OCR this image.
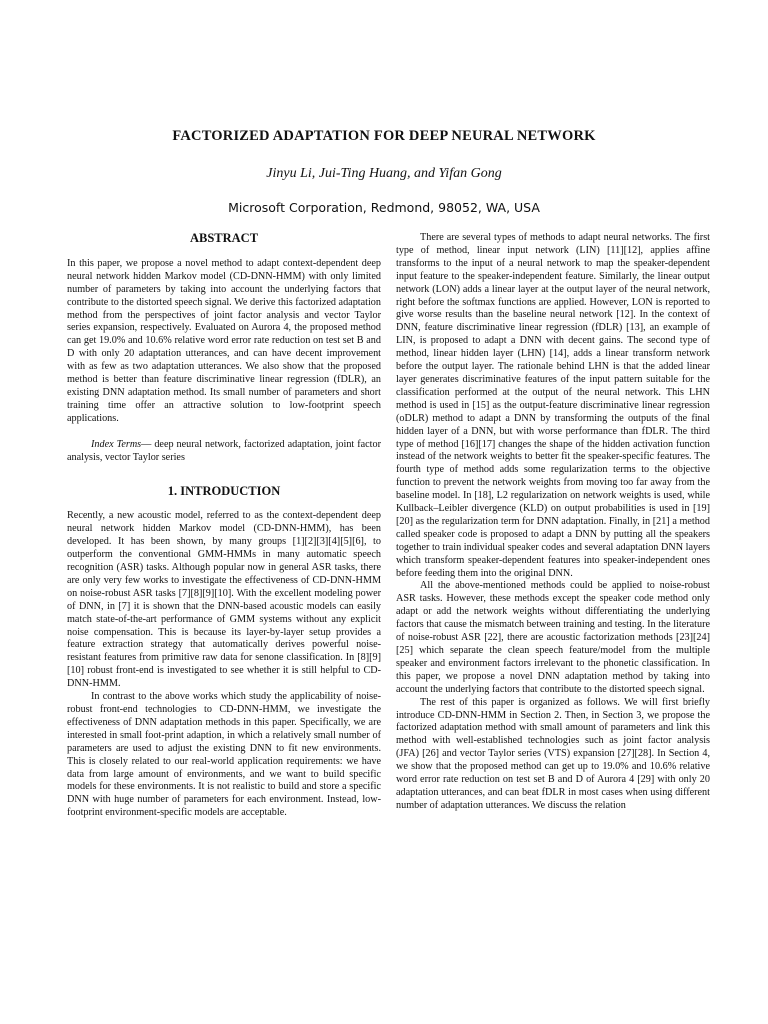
FACTORIZED ADAPTATION FOR DEEP NEURAL NETWORK
Jinyu Li, Jui-Ting Huang, and Yifan Gong
Microsoft Corporation, Redmond, 98052, WA, USA
ABSTRACT

In this paper, we propose a novel method to adapt context-dependent deep neural network hidden Markov model (CD-DNN-HMM) with only limited number of parameters by taking into account the underlying factors that contribute to the distorted speech signal. We derive this factorized adaptation method from the perspectives of joint factor analysis and vector Taylor series expansion, respectively. Evaluated on Aurora 4, the proposed method can get 19.0% and 10.6% relative word error rate reduction on test set B and D with only 20 adaptation utterances, and can have decent improvement with as few as two adaptation utterances. We also show that the proposed method is better than feature discriminative linear regression (fDLR), an existing DNN adaptation method. Its small number of parameters and short training time offer an attractive solution to low-footprint speech applications.

Index Terms— deep neural network, factorized adaptation, joint factor analysis, vector Taylor series

1. INTRODUCTION

Recently, a new acoustic model, referred to as the context-dependent deep neural network hidden Markov model (CD-DNN-HMM), has been developed. It has been shown, by many groups [1][2][3][4][5][6], to outperform the conventional GMM-HMMs in many automatic speech recognition (ASR) tasks. Although popular now in general ASR tasks, there are only very few works to investigate the effectiveness of CD-DNN-HMM on noise-robust ASR tasks [7][8][9][10]. With the excellent modeling power of DNN, in [7] it is shown that the DNN-based acoustic models can easily match state-of-the-art performance of GMM systems without any explicit noise compensation. This is because its layer-by-layer setup provides a feature extraction strategy that automatically derives powerful noise-resistant features from primitive raw data for senone classification. In [8][9][10] robust front-end is investigated to see whether it is still helpful to CD-DNN-HMM.

In contrast to the above works which study the applicability of noise-robust front-end technologies to CD-DNN-HMM, we investigate the effectiveness of DNN adaptation methods in this paper. Specifically, we are interested in small foot-print adaption, in which a relatively small number of parameters are used to adjust the existing DNN to fit new environments. This is closely related to our real-world application requirements: we have data from large amount of environments, and we want to build specific models for these environments. It is not realistic to build and store a specific DNN with huge number of parameters for each environment. Instead, low-footprint environment-specific models are acceptable.

There are several types of methods to adapt neural networks. The first type of method, linear input network (LIN) [11][12], applies affine transforms to the input of a neural network to map the speaker-dependent input feature to the speaker-independent feature. Similarly, the linear output network (LON) adds a linear layer at the output layer of the neural network, right before the softmax functions are applied. However, LON is reported to give worse results than the baseline neural network [12]. In the context of DNN, feature discriminative linear regression (fDLR) [13], an example of LIN, is proposed to adapt a DNN with decent gains. The second type of method, linear hidden layer (LHN) [14], adds a linear transform network before the output layer. The rationale behind LHN is that the added linear layer generates discriminative features of the input pattern suitable for the classification performed at the output of the neural network. This LHN method is used in [15] as the output-feature discriminative linear regression (oDLR) method to adapt a DNN by transforming the outputs of the final hidden layer of a DNN, but with worse performance than fDLR. The third type of method [16][17] changes the shape of the hidden activation function instead of the network weights to better fit the speaker-specific features. The fourth type of method adds some regularization terms to the objective function to prevent the network weights from moving too far away from the baseline model. In [18], L2 regularization on network weights is used, while Kullback–Leibler divergence (KLD) on output probabilities is used in [19][20] as the regularization term for DNN adaptation. Finally, in [21] a method called speaker code is proposed to adapt a DNN by putting all the speakers together to train individual speaker codes and several adaptation DNN layers which transform speaker-dependent features into speaker-independent ones before feeding them into the original DNN.

All the above-mentioned methods could be applied to noise-robust ASR tasks. However, these methods except the speaker code method only adapt or add the network weights without differentiating the underlying factors that cause the mismatch between training and testing. In the literature of noise-robust ASR [22], there are acoustic factorization methods [23][24][25] which separate the clean speech feature/model from the multiple speaker and environment factors irrelevant to the phonetic classification. In this paper, we propose a novel DNN adaptation method by taking into account the underlying factors that contribute to the distorted speech signal.

The rest of this paper is organized as follows. We will first briefly introduce CD-DNN-HMM in Section 2. Then, in Section 3, we propose the factorized adaptation method with small amount of parameters and link this method with well-established technologies such as joint factor analysis (JFA) [26] and vector Taylor series (VTS) expansion [27][28]. In Section 4, we show that the proposed method can get up to 19.0% and 10.6% relative word error rate reduction on test set B and D of Aurora 4 [29] with only 20 adaptation utterances, and can beat fDLR in most cases when using different number of adaptation utterances. We discuss the relation
